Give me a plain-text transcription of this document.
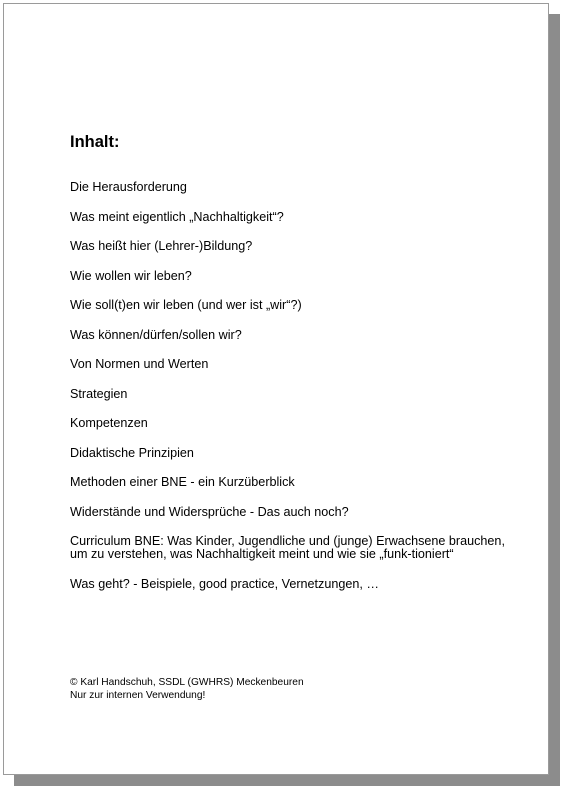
Inhalt:
Die Herausforderung
Was meint eigentlich „Nachhaltigkeit“?
Was heißt hier (Lehrer-)Bildung?
Wie wollen wir leben?
Wie soll(t)en wir leben (und wer ist „wir“?)
Was können/dürfen/sollen wir?
Von Normen und Werten
Strategien
Kompetenzen
Didaktische Prinzipien
Methoden einer BNE - ein Kurzüberblick
Widerstände und Widersprüche - Das auch noch?
Curriculum BNE: Was Kinder, Jugendliche und (junge) Erwachsene brauchen, um zu verstehen, was Nachhaltigkeit meint und wie sie „funk-tioniert“
Was geht? - Beispiele, good practice, Vernetzungen, …
© Karl Handschuh, SSDL (GWHRS) Meckenbeuren
Nur zur internen Verwendung!
